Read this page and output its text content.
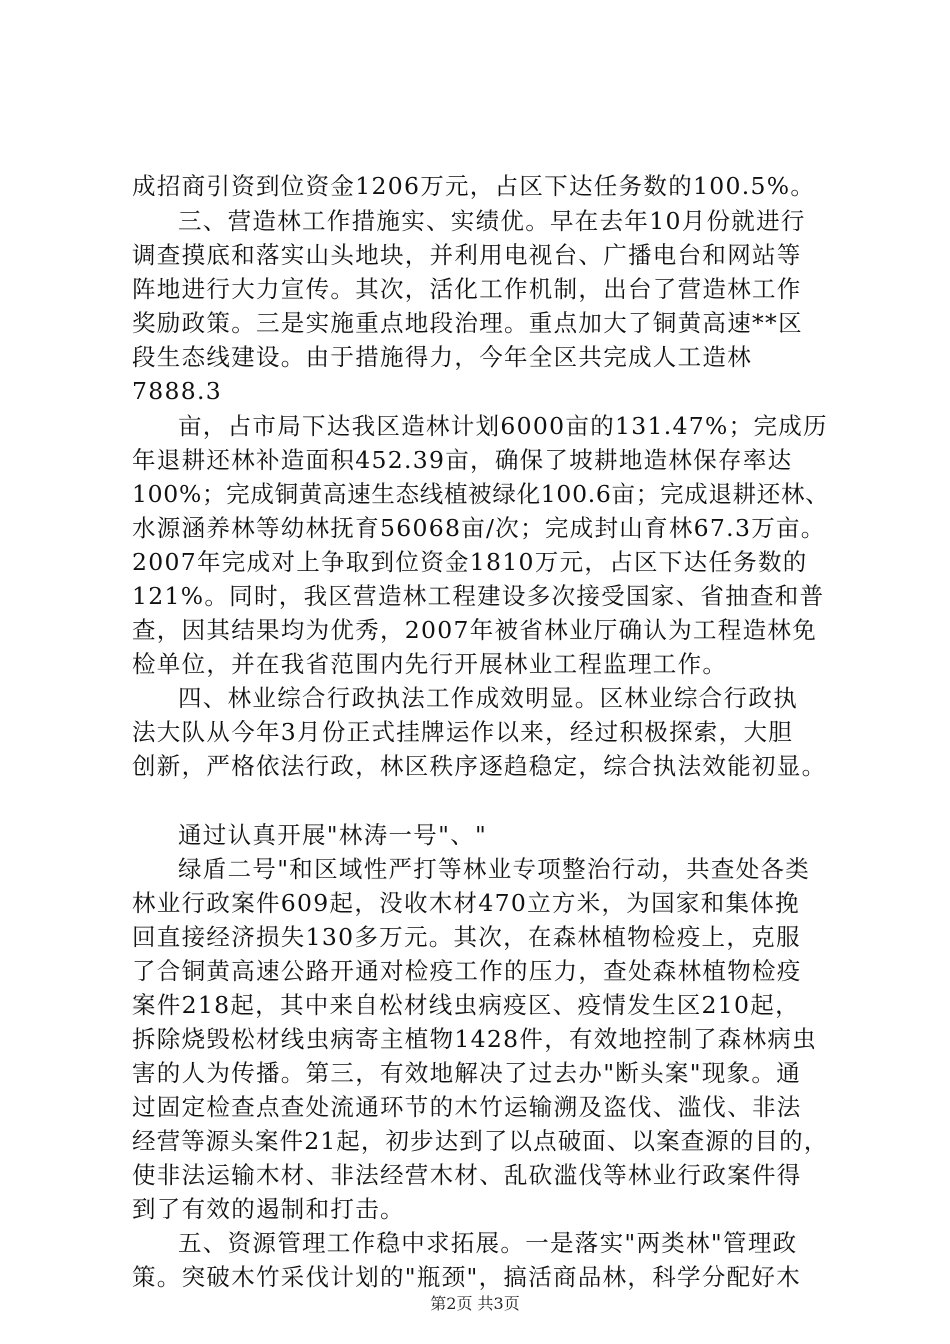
成招商引资到位资金1206万元，占区下达任务数的100.5%。
三、营造林工作措施实、实绩优。早在去年10月份就进行
调查摸底和落实山头地块，并利用电视台、广播电台和网站等
阵地进行大力宣传。其次，活化工作机制，出台了营造林工作
奖励政策。三是实施重点地段治理。重点加大了铜黄高速**区
段生态线建设。由于措施得力，今年全区共完成人工造林
7888.3
亩，占市局下达我区造林计划6000亩的131.47%；完成历
年退耕还林补造面积452.39亩，确保了坡耕地造林保存率达
100%；完成铜黄高速生态线植被绿化100.6亩；完成退耕还林、
水源涵养林等幼林抚育56068亩/次；完成封山育林67.3万亩。
2007年完成对上争取到位资金1810万元，占区下达任务数的
121%。同时，我区营造林工程建设多次接受国家、省抽查和普
查，因其结果均为优秀，2007年被省林业厅确认为工程造林免
检单位，并在我省范围内先行开展林业工程监理工作。
四、林业综合行政执法工作成效明显。区林业综合行政执
法大队从今年3月份正式挂牌运作以来，经过积极探索，大胆
创新，严格依法行政，林区秩序逐趋稳定，综合执法效能初显。
通过认真开展"林涛一号"、"
绿盾二号"和区域性严打等林业专项整治行动，共查处各类
林业行政案件609起，没收木材470立方米，为国家和集体挽
回直接经济损失130多万元。其次，在森林植物检疫上，克服
了合铜黄高速公路开通对检疫工作的压力，查处森林植物检疫
案件218起，其中来自松材线虫病疫区、疫情发生区210起，
拆除烧毁松材线虫病寄主植物1428件，有效地控制了森林病虫
害的人为传播。第三，有效地解决了过去办"断头案"现象。通
过固定检查点查处流通环节的木竹运输溯及盗伐、滥伐、非法
经营等源头案件21起，初步达到了以点破面、以案查源的目的，
使非法运输木材、非法经营木材、乱砍滥伐等林业行政案件得
到了有效的遏制和打击。
五、资源管理工作稳中求拓展。一是落实"两类林"管理政
策。突破木竹采伐计划的"瓶颈"，搞活商品林，科学分配好木
第2页 共3页
